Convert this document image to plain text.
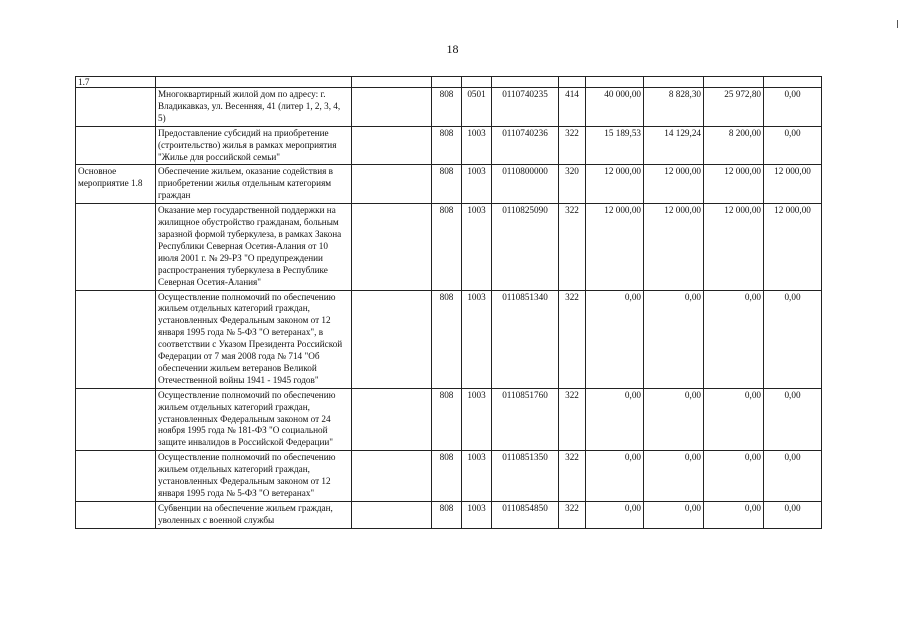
18
1.7										
	Многоквартирный жилой дом по адресу: г. Владикавказ, ул. Весенняя, 41 (литер 1, 2, 3, 4, 5)		808	0501	0110740235	414	40 000,00	8 828,30	25 972,80	0,00
	Предоставление субсидий на приобретение (строительство) жилья в рамках мероприятия "Жилье для российской семьи"		808	1003	0110740236	322	15 189,53	14 129,24	8 200,00	0,00
Основное мероприятие 1.8	Обеспечение жильем, оказание содействия в приобретении жилья отдельным категориям граждан		808	1003	0110800000	320	12 000,00	12 000,00	12 000,00	12 000,00
	Оказание мер государственной поддержки на жилищное обустройство гражданам, больным заразной формой туберкулеза, в рамках Закона Республики Северная Осетия-Алания от 10 июля 2001 г. № 29-РЗ "О предупреждении распространения туберкулеза в Республике Северная Осетия-Алания"		808	1003	0110825090	322	12 000,00	12 000,00	12 000,00	12 000,00
	Осуществление полномочий по обеспечению жильем отдельных категорий граждан, установленных Федеральным законом от 12 января 1995 года № 5-ФЗ "О ветеранах", в соответствии с Указом Президента Российской Федерации от 7 мая 2008 года № 714 "Об обеспечении жильем ветеранов Великой Отечественной войны 1941 - 1945 годов"		808	1003	0110851340	322	0,00	0,00	0,00	0,00
	Осуществление полномочий по обеспечению жильем отдельных категорий граждан, установленных Федеральным законом от 24 ноября 1995 года № 181-ФЗ "О социальной защите инвалидов в Российской Федерации"		808	1003	0110851760	322	0,00	0,00	0,00	0,00
	Осуществление полномочий по обеспечению жильем отдельных категорий граждан, установленных Федеральным законом от 12 января 1995 года № 5-ФЗ "О ветеранах"		808	1003	0110851350	322	0,00	0,00	0,00	0,00
	Субвенции на обеспечение жильем граждан, уволенных с военной службы		808	1003	0110854850	322	0,00	0,00	0,00	0,00
